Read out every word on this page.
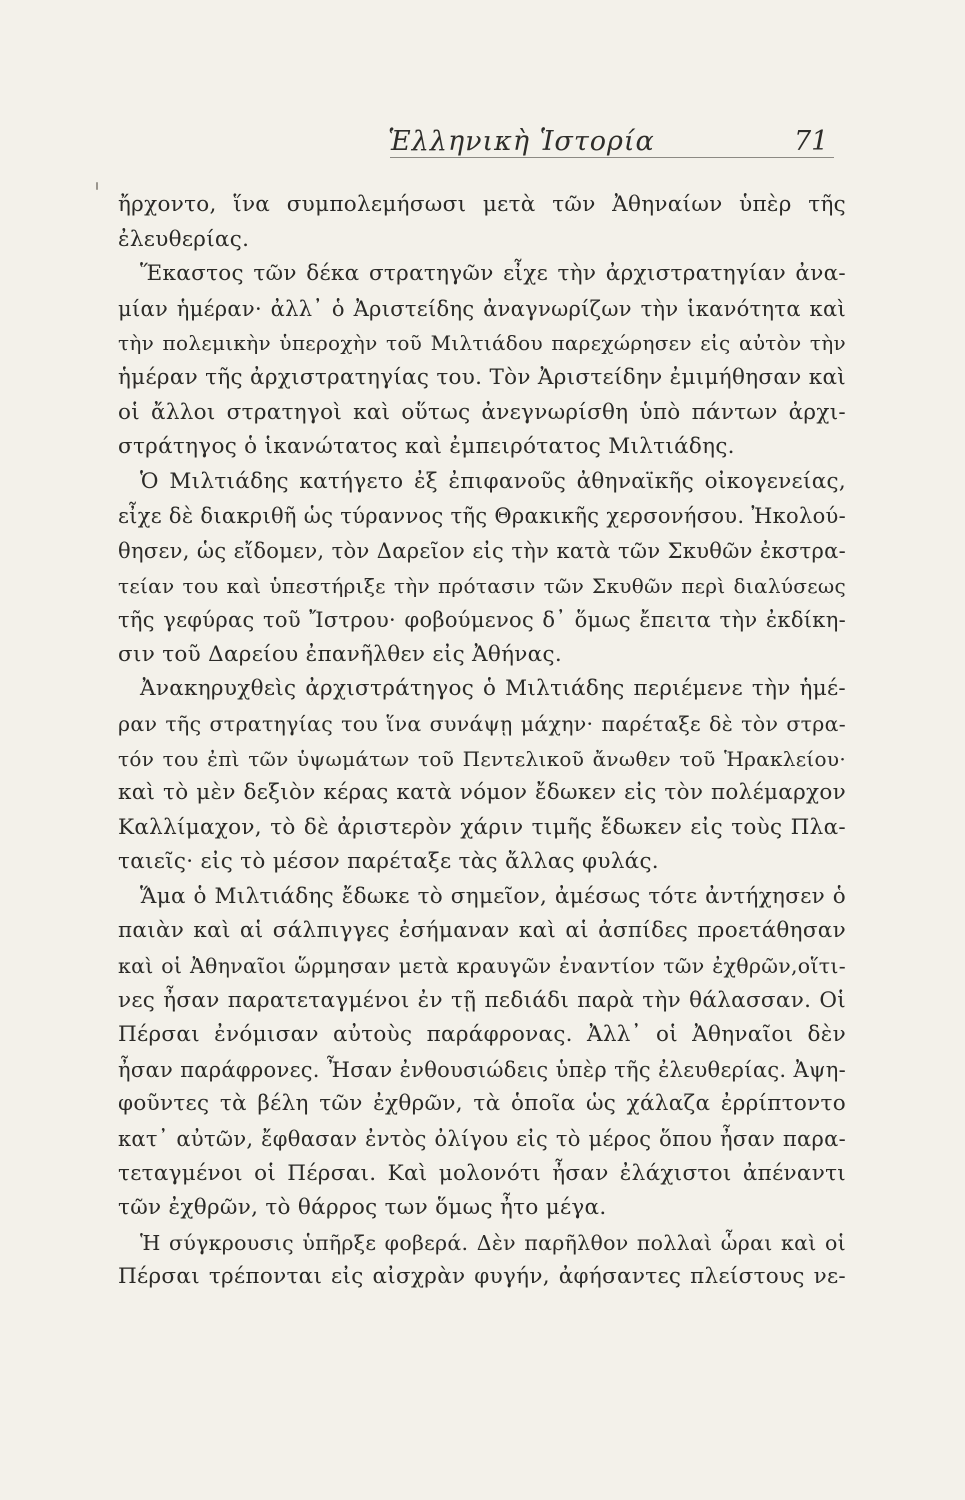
Ἑλληνικὴ Ἱστορία	71
ἤρχοντο, ἵνα συμπολεμήσωσι μετὰ τῶν Ἀθηναίων ὑπὲρ τῆς
ἐλευθερίας.
Ἕκαστος τῶν δέκα στρατηγῶν εἶχε τὴν ἀρχιστρατηγίαν ἀνα-
μίαν ἡμέραν· ἀλλ᾿ ὁ Ἀριστείδης ἀναγνωρίζων τὴν ἱκανότητα καὶ
τὴν πολεμικὴν ὑπεροχὴν τοῦ Μιλτιάδου παρεχώρησεν εἰς αὐτὸν τὴν
ἡμέραν τῆς ἀρχιστρατηγίας του. Τὸν Ἀριστείδην ἐμιμήθησαν καὶ
οἱ ἄλλοι στρατηγοὶ καὶ οὕτως ἀνεγνωρίσθη ὑπὸ πάντων ἀρχι-
στράτηγος ὁ ἱκανώτατος καὶ ἐμπειρότατος Μιλτιάδης.
Ὁ Μιλτιάδης κατήγετο ἐξ ἐπιφανοῦς ἀθηναϊκῆς οἰκογενείας,
εἶχε δὲ διακριθῆ ὡς τύραννος τῆς Θρακικῆς χερσονήσου. Ἠκολού-
θησεν, ὡς εἴδομεν, τὸν Δαρεῖον εἰς τὴν κατὰ τῶν Σκυθῶν ἐκστρα-
τείαν του καὶ ὑπεστήριξε τὴν πρότασιν τῶν Σκυθῶν περὶ διαλύσεως
τῆς γεφύρας τοῦ Ἴστρου· φοβούμενος δ᾿ ὅμως ἔπειτα τὴν ἐκδίκη-
σιν τοῦ Δαρείου ἐπανῆλθεν εἰς Ἀθήνας.
Ἀνακηρυχθεὶς ἀρχιστράτηγος ὁ Μιλτιάδης περιέμενε τὴν ἡμέ-
ραν τῆς στρατηγίας του ἵνα συνάψῃ μάχην· παρέταξε δὲ τὸν στρα-
τόν του ἐπὶ τῶν ὑψωμάτων τοῦ Πεντελικοῦ ἄνωθεν τοῦ Ἡρακλείου·
καὶ τὸ μὲν δεξιὸν κέρας κατὰ νόμον ἔδωκεν εἰς τὸν πολέμαρχον
Καλλίμαχον, τὸ δὲ ἀριστερὸν χάριν τιμῆς ἔδωκεν εἰς τοὺς Πλα-
ταιεῖς· εἰς τὸ μέσον παρέταξε τὰς ἄλλας φυλάς.
Ἅμα ὁ Μιλτιάδης ἔδωκε τὸ σημεῖον, ἀμέσως τότε ἀντήχησεν ὁ
παιὰν καὶ αἱ σάλπιγγες ἐσήμαναν καὶ αἱ ἀσπίδες προετάθησαν
καὶ οἱ Ἀθηναῖοι ὥρμησαν μετὰ κραυγῶν ἐναντίον τῶν ἐχθρῶν,οἵτι-
νες ἦσαν παρατεταγμένοι ἐν τῇ πεδιάδι παρὰ τὴν θάλασσαν. Οἱ
Πέρσαι ἐνόμισαν αὐτοὺς παράφρονας. Ἀλλ᾿ οἱ Ἀθηναῖοι δὲν
ἦσαν παράφρονες. Ἦσαν ἐνθουσιώδεις ὑπὲρ τῆς ἐλευθερίας. Ἀψη-
φοῦντες τὰ βέλη τῶν ἐχθρῶν, τὰ ὁποῖα ὡς χάλαζα ἐρρίπτοντο
κατ᾿ αὐτῶν, ἔφθασαν ἐντὸς ὀλίγου εἰς τὸ μέρος ὅπου ἦσαν παρα-
τεταγμένοι οἱ Πέρσαι. Καὶ μολονότι ἦσαν ἐλάχιστοι ἀπέναντι
τῶν ἐχθρῶν, τὸ θάρρος των ὅμως ἦτο μέγα.
Ἡ σύγκρουσις ὑπῆρξε φοβερά. Δὲν παρῆλθον πολλαὶ ὧραι καὶ οἱ
Πέρσαι τρέπονται εἰς αἰσχρὰν φυγήν, ἀφήσαντες πλείστους νε-
